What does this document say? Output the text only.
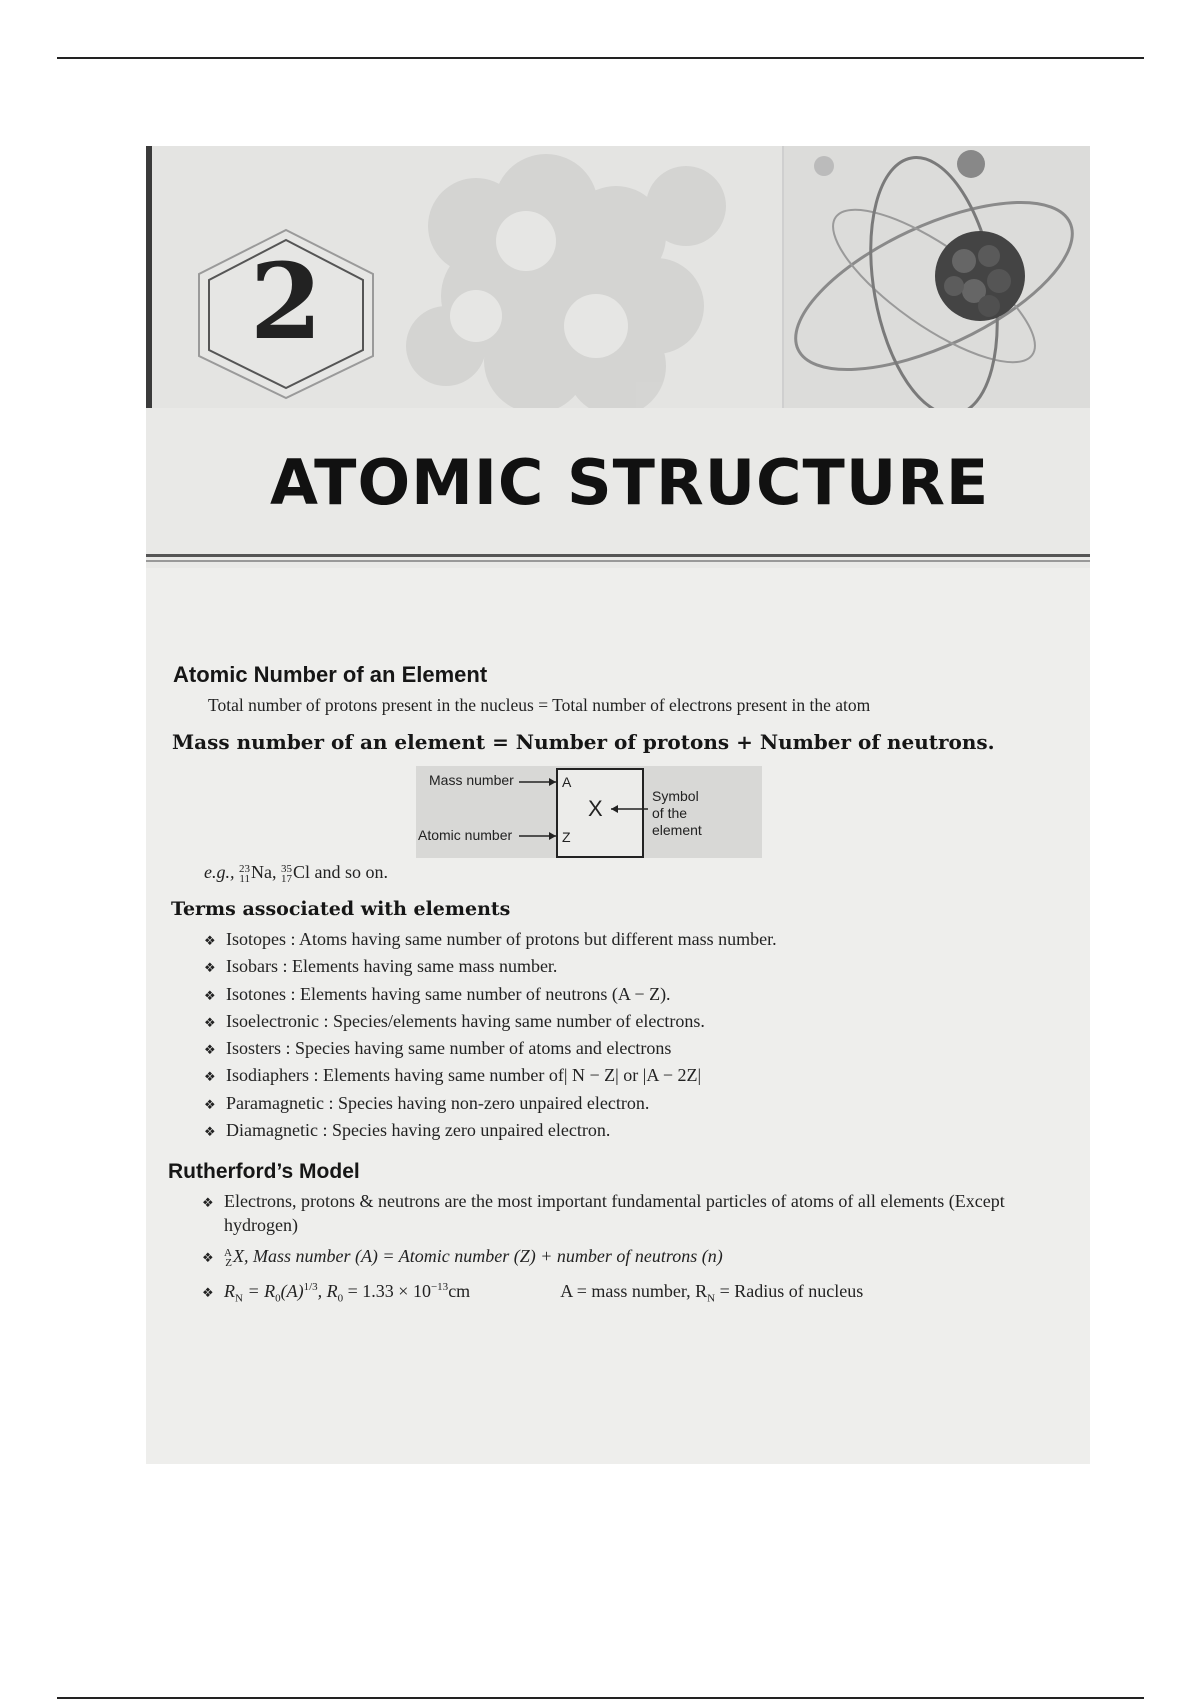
2
ATOMIC STRUCTURE
Atomic Number of an Element
Total number of protons present in the nucleus = Total number of electrons present in the atom
Mass number of an element = Number of protons + Number of neutrons.
Mass number
Atomic number
A
Z
X	Symbol
of the
element
e.g., 23
11Na, 35
17Cl and so on.
Terms associated with elements
❖ Isotopes : Atoms having same number of protons but different mass number.
❖ Isobars : Elements having same mass number.
❖ Isotones : Elements having same number of neutrons (A − Z).
❖ Isoelectronic : Species/elements having same number of electrons.
❖ Isosters : Species having same number of atoms and electrons
❖ Isodiaphers : Elements having same number of| N − Z| or |A − 2Z|
❖ Paramagnetic : Species having non-zero unpaired electron.
❖ Diamagnetic : Species having zero unpaired electron.
Rutherford’s Model
❖ Electrons, protons & neutrons are the most important fundamental particles of atoms of all elements (Except hydrogen)
❖ A
ZX, Mass number (A) = Atomic number (Z) + number of neutrons (n)
❖ $R_N = R_0(A)^{1/3}$, $R_0 = 1.33 \times 10^{-13}cm$	A = mass number, $R_N$ = Radius of nucleus
